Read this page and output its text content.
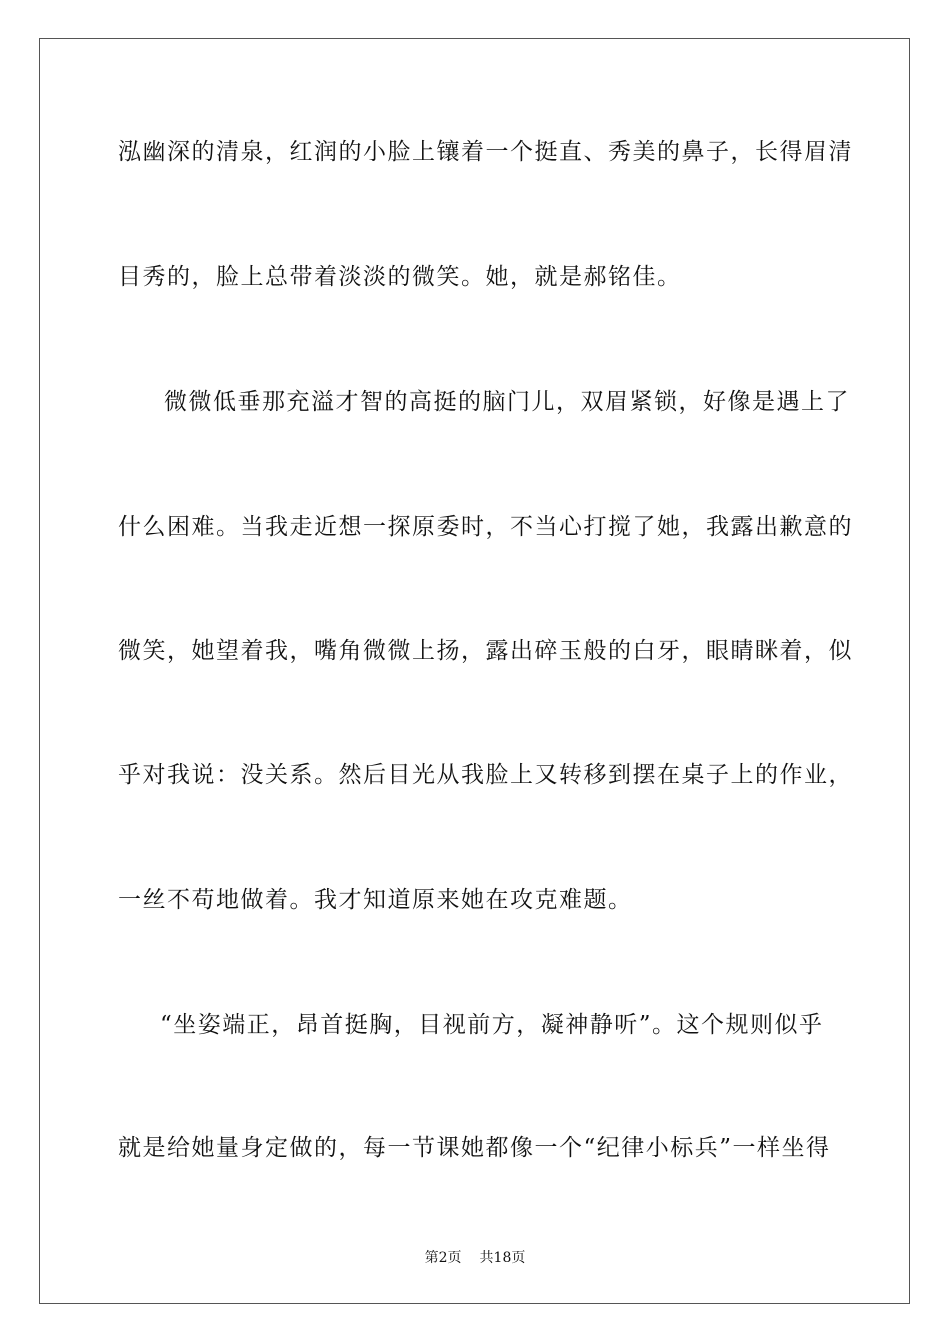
泓幽深的清泉，红润的小脸上镶着一个挺直、秀美的鼻子，长得眉清
目秀的，脸上总带着淡淡的微笑。她，就是郝铭佳。
微微低垂那充溢才智的高挺的脑门儿，双眉紧锁，好像是遇上了
什么困难。当我走近想一探原委时，不当心打搅了她，我露出歉意的
微笑，她望着我，嘴角微微上扬，露出碎玉般的白牙，眼睛眯着，似
乎对我说：没关系。然后目光从我脸上又转移到摆在桌子上的作业，
一丝不苟地做着。我才知道原来她在攻克难题。
“坐姿端正，昂首挺胸，目视前方，凝神静听”。这个规则似乎
就是给她量身定做的，每一节课她都像一个“纪律小标兵”一样坐得
第2页 共18页
